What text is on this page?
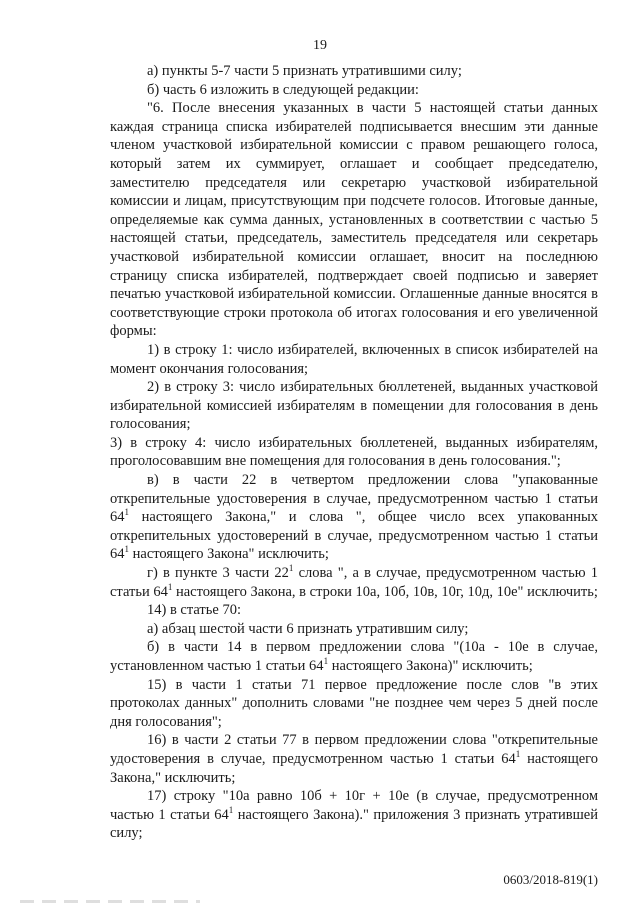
19

а) пункты 5-7 части 5 признать утратившими силу;

б) часть 6 изложить в следующей редакции:

"6. После внесения указанных в части 5 настоящей статьи данных каждая страница списка избирателей подписывается внесшим эти данные членом участковой избирательной комиссии с правом решающего голоса, который затем их суммирует, оглашает и сообщает председателю, заместителю председателя или секретарю участковой избирательной комиссии и лицам, присутствующим при подсчете голосов. Итоговые данные, определяемые как сумма данных, установленных в соответствии с частью 5 настоящей статьи, председатель, заместитель председателя или секретарь участковой избирательной комиссии оглашает, вносит на последнюю страницу списка избирателей, подтверждает своей подписью и заверяет печатью участковой избирательной комиссии. Оглашенные данные вносятся в соответствующие строки протокола об итогах голосования и его увеличенной формы:

1) в строку 1: число избирателей, включенных в список избирателей на момент окончания голосования;

2) в строку 3: число избирательных бюллетеней, выданных участковой избирательной комиссией избирателям в помещении для голосования в день голосования;

3) в строку 4: число избирательных бюллетеней, выданных избирателям, проголосовавшим вне помещения для голосования в день голосования.";

в) в части 22 в четвертом предложении слова "упакованные открепительные удостоверения в случае, предусмотренном частью 1 статьи $64^1$ настоящего Закона," и слова ", общее число всех упакованных открепительных удостоверений в случае, предусмотренном частью 1 статьи $64^1$ настоящего Закона" исключить;

г) в пункте 3 части $22^1$ слова ", а в случае, предусмотренном частью 1 статьи $64^1$ настоящего Закона, в строки 10а, 10б, 10в, 10г, 10д, 10е" исключить;

14) в статье 70:

а) абзац шестой части 6 признать утратившим силу;

б) в части 14 в первом предложении слова "(10а - 10е в случае, установленном частью 1 статьи $64^1$ настоящего Закона)" исключить;

15) в части 1 статьи 71 первое предложение после слов "в этих протоколах данных" дополнить словами "не позднее чем через 5 дней после дня голосования";

16) в части 2 статьи 77 в первом предложении слова "открепительные удостоверения в случае, предусмотренном частью 1 статьи $64^1$ настоящего Закона," исключить;

17) строку "10а равно 10б + 10г + 10е (в случае, предусмотренном частью 1 статьи $64^1$ настоящего Закона)." приложения 3 признать утратившей силу;

0603/2018-819(1)
